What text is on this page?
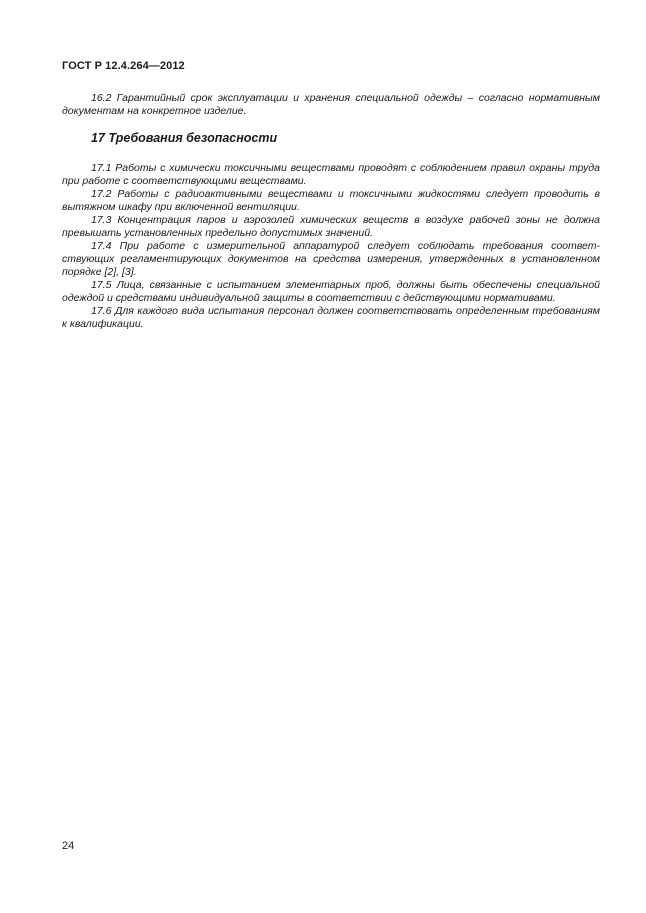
ГОСТ Р 12.4.264—2012

16.2 Гарантийный срок эксплуатации и хранения специальной одежды – согласно нормативным документам на конкретное изделие.

17 Требования безопасности

17.1 Работы с химически токсичными веществами проводят с соблюдением правил охраны труда при работе с соответствующими веществами.

17.2 Работы с радиоактивными веществами и токсичными жидкостями следует проводить в вытяжном шкафу при включенной вентиляции.

17.3 Концентрация паров и аэрозолей химических веществ в воздухе рабочей зоны не должна превышать установленных предельно допустимых значений.

17.4 При работе с измерительной аппаратурой следует соблюдать требования соответствующих регламентирующих документов на средства измерения, утвержденных в установленном порядке [2], [3].

17.5 Лица, связанные с испытанием элементарных проб, должны быть обеспечены специальной одеждой и средствами индивидуальной защиты в соответствии с действующими нормативами.

17.6 Для каждого вида испытания персонал должен соответствовать определенным требованиям к квалификации.

24
